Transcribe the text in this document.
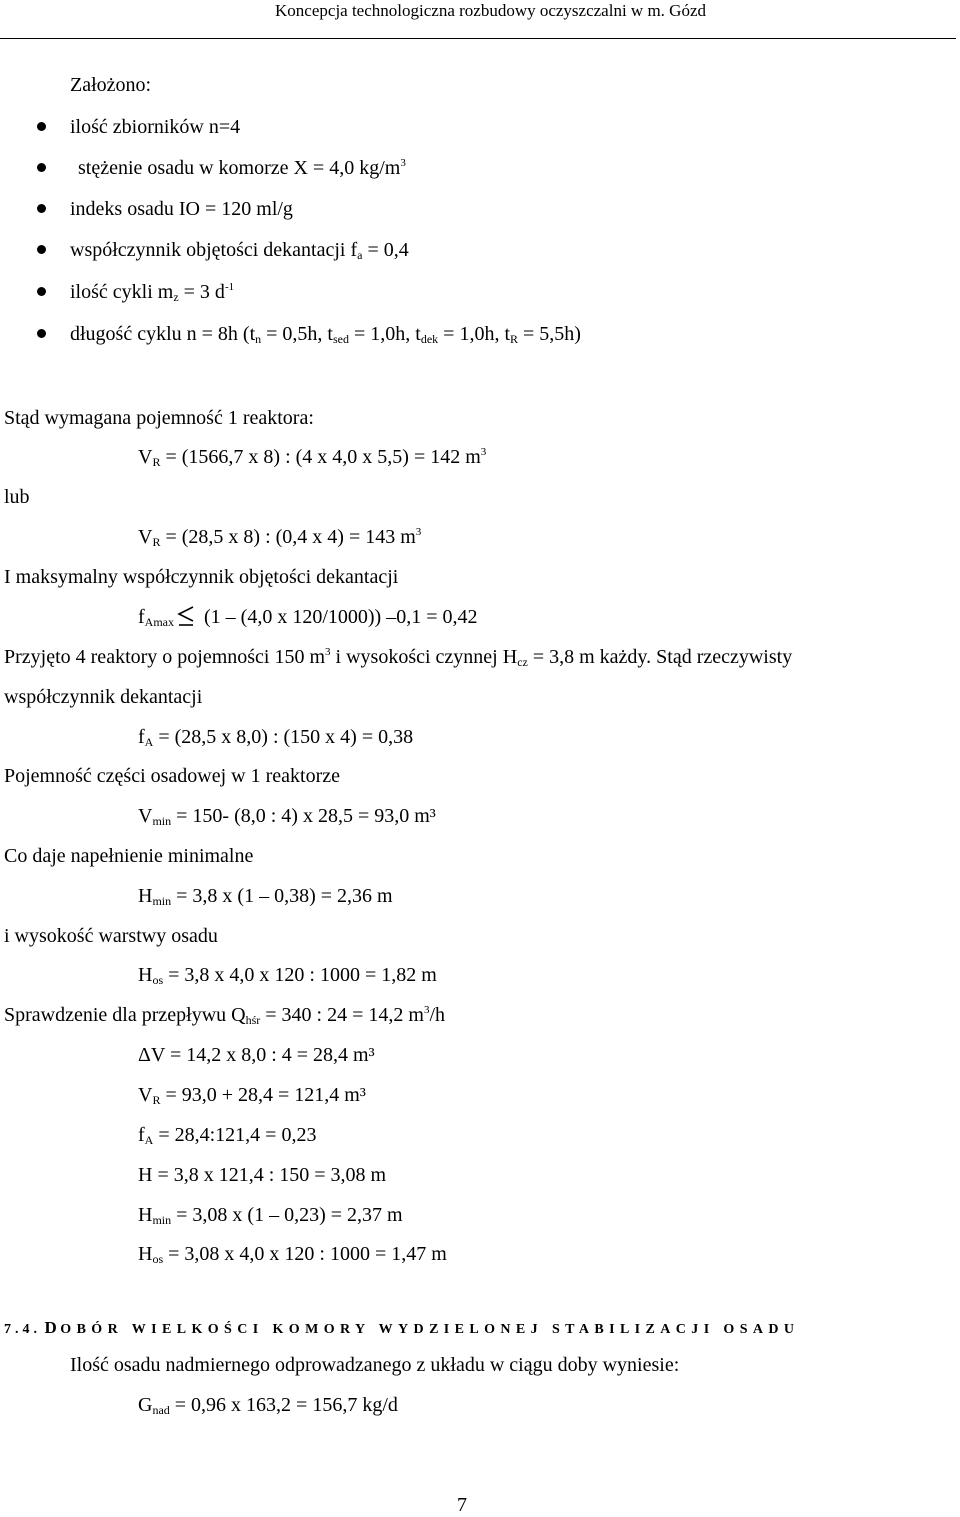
Koncepcja technologiczna rozbudowy oczyszczalni w m. Gózd
Założono:
ilość zbiorników n=4
stężenie osadu w komorze X = 4,0 $kg/m^3$
indeks osadu IO = 120 ml/g
współczynnik objętości dekantacji $f_a = 0,4$
ilość cykli $m_z = 3$ $d^{-1}$
długość cyklu n = 8h ($t_n = 0,5h$, $t_{sed} = 1,0h$, $t_{dek} = 1,0h$, $t_R = 5,5h$)
Stąd wymagana pojemność 1 reaktora:
$V_R = (1566,7$ x 8) : (4 x 4,0 x 5,5) = 142 $m^3$
lub
$V_R = (28,5$ x 8) : (0,4 x 4) = 143 $m^3$
I maksymalny współczynnik objętości dekantacji
$f_{Amax}$ (1 – (4,0 x 120/1000)) –0,1 = 0,42
Przyjęto 4 reaktory o pojemności 150 $m^3$ i wysokości czynnej $H_{cz} = 3,8$ m każdy. Stąd rzeczywisty
współczynnik dekantacji
$f_A = (28,5$ x 8,0) : (150 x 4) = 0,38
Pojemność części osadowej w 1 reaktorze
$V_{min} = 150-$ (8,0 : 4) x 28,5 = 93,0 m³
Co daje napełnienie minimalne
$H_{min} = 3,8$ x (1 – 0,38) = 2,36 m
i wysokość warstwy osadu
$H_{os} = 3,8$ x 4,0 x 120 : 1000 = 1,82 m
Sprawdzenie dla przepływu $Q_{hśr} = 340$ : 24 = 14,2 $m^3/h$
ΔV = 14,2 x 8,0 : 4 = 28,4 m³
$V_R = 93,0 + 28,4 = 121,4$ m³
$f_A$ = 28,4:121,4 = 0,23
H = 3,8 x 121,4 : 150 = 3,08 m
$H_{min} = 3,08$ x (1 – 0,23) = 2,37 m
$H_{os} = 3,08$ x 4,0 x 120 : 1000 = 1,47 m
7.4. D OBÓR WIELKOŚCI KOMORY WYDZIELONEJ STABILIZACJI OSADU
Ilość osadu nadmiernego odprowadzanego z układu w ciągu doby wyniesie:
$G_{nad} = 0,96$ x 163,2 = 156,7 kg/d
7
